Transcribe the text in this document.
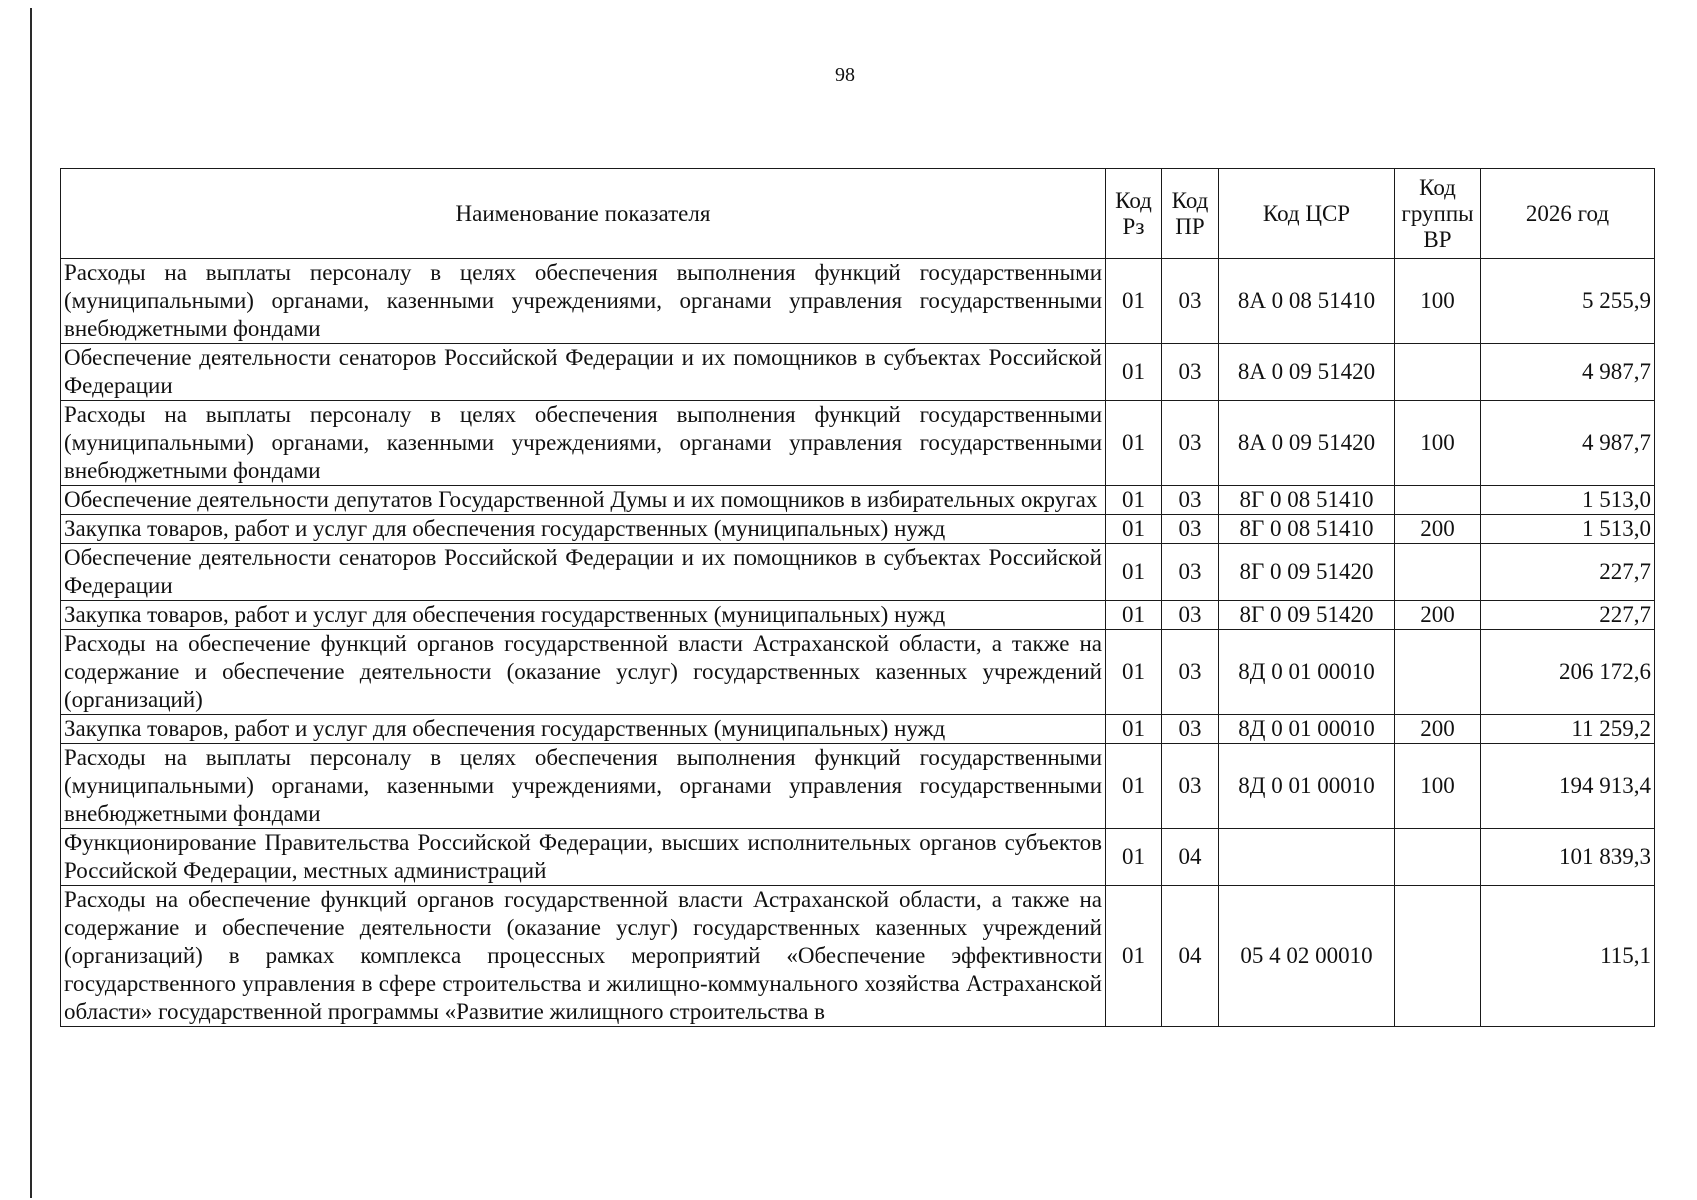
98
Наименование показателя	Код Рз	Код ПР	Код ЦСР	Код группы ВР	2026 год
Расходы на выплаты персоналу в целях обеспечения выполнения функций государственными (муниципальными) органами, казенными учреждениями, органами управления государственными внебюджетными фондами	01	03	8А 0 08 51410	100	5 255,9
Обеспечение деятельности сенаторов Российской Федерации и их помощников в субъектах Российской Федерации	01	03	8А 0 09 51420		4 987,7
Расходы на выплаты персоналу в целях обеспечения выполнения функций государственными (муниципальными) органами, казенными учреждениями, органами управления государственными внебюджетными фондами	01	03	8А 0 09 51420	100	4 987,7
Обеспечение деятельности депутатов Государственной Думы и их помощников в избирательных округах	01	03	8Г 0 08 51410		1 513,0
Закупка товаров, работ и услуг для обеспечения государственных (муниципальных) нужд	01	03	8Г 0 08 51410	200	1 513,0
Обеспечение деятельности сенаторов Российской Федерации и их помощников в субъектах Российской Федерации	01	03	8Г 0 09 51420		227,7
Закупка товаров, работ и услуг для обеспечения государственных (муниципальных) нужд	01	03	8Г 0 09 51420	200	227,7
Расходы на обеспечение функций органов государственной власти Астраханской области, а также на содержание и обеспечение деятельности (оказание услуг) государственных казенных учреждений (организаций)	01	03	8Д 0 01 00010		206 172,6
Закупка товаров, работ и услуг для обеспечения государственных (муниципальных) нужд	01	03	8Д 0 01 00010	200	11 259,2
Расходы на выплаты персоналу в целях обеспечения выполнения функций государственными (муниципальными) органами, казенными учреждениями, органами управления государственными внебюджетными фондами	01	03	8Д 0 01 00010	100	194 913,4
Функционирование Правительства Российской Федерации, высших исполнительных органов субъектов Российской Федерации, местных администраций	01	04			101 839,3
Расходы на обеспечение функций органов государственной власти Астраханской области, а также на содержание и обеспечение деятельности (оказание услуг) государственных казенных учреждений (организаций) в рамках комплекса процессных мероприятий «Обеспечение эффективности государственного управления в сфере строительства и жилищно-коммунального хозяйства Астраханской области» государственной программы «Развитие жилищного строительства в	01	04	05 4 02 00010		115,1
